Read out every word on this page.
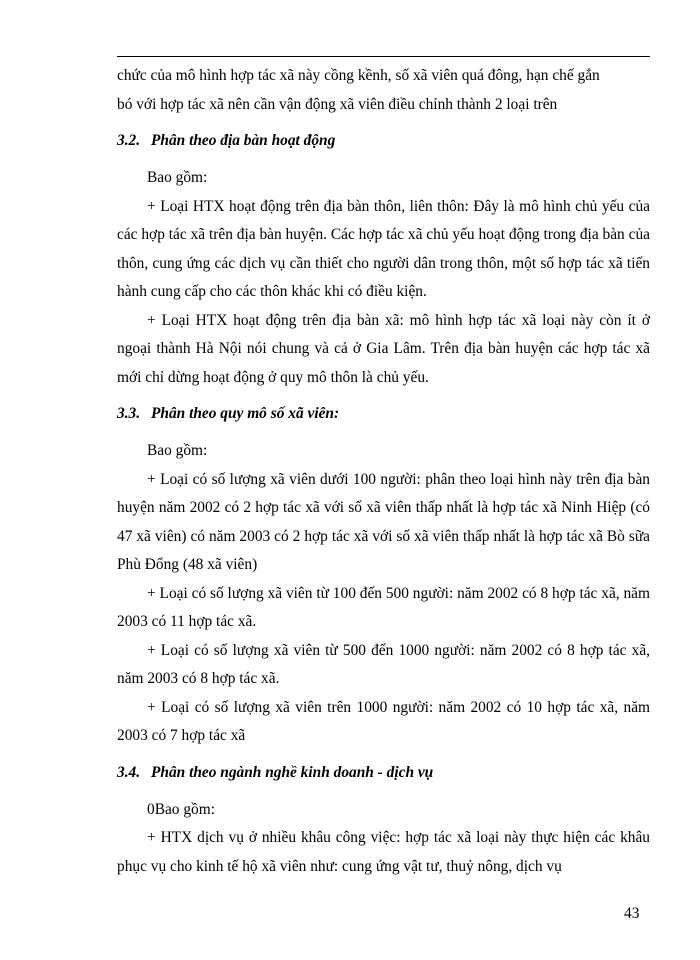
chức của mô hình hợp tác xã này cồng kềnh, số xã viên quá đông, hạn chế gắn

bó với hợp tác xã nên cần vận động xã viên điều chỉnh thành 2 loại trên

3.2. Phân theo địa bàn hoạt động

Bao gồm:

+ Loại HTX hoạt động trên địa bàn thôn, liên thôn: Đây là mô hình chủ yếu của các hợp tác xã trên địa bàn huyện. Các hợp tác xã chủ yếu hoạt động trong địa bàn của thôn, cung ứng các dịch vụ cần thiết cho người dân trong thôn, một số hợp tác xã tiến hành cung cấp cho các thôn khác khi có điều kiện.

+ Loại HTX hoạt động trên địa bàn xã: mô hình hợp tác xã loại này còn ít ở ngoại thành Hà Nội nói chung và cả ở Gia Lâm. Trên địa bàn huyện các hợp tác xã mới chỉ dừng hoạt động ở quy mô thôn là chủ yếu.

3.3. Phân theo quy mô số xã viên:

Bao gồm:

+ Loại có số lượng xã viên dưới 100 người: phân theo loại hình này trên địa bàn huyện năm 2002 có 2 hợp tác xã với số xã viên thấp nhất là hợp tác xã Ninh Hiệp (có 47 xã viên) có năm 2003 có 2 hợp tác xã với số xã viên thấp nhất là hợp tác xã Bò sữa Phù Đổng (48 xã viên)

+ Loại có số lượng xã viên từ 100 đến 500 người: năm 2002 có 8 hợp tác xã, năm 2003 có 11 hợp tác xã.

+ Loại có số lượng xã viên từ 500 đến 1000 người: năm 2002 có 8 hợp tác xã, năm 2003 có 8 hợp tác xã.

+ Loại có số lượng xã viên trên 1000 người: năm 2002 có 10 hợp tác xã, năm 2003 có 7 hợp tác xã

3.4. Phân theo ngành nghề kinh doanh - dịch vụ

0Bao gồm:

+ HTX dịch vụ ở nhiều khâu công việc: hợp tác xã loại này thực hiện các khâu phục vụ cho kinh tế hộ xã viên như: cung ứng vật tư, thuỷ nông, dịch vụ

43
